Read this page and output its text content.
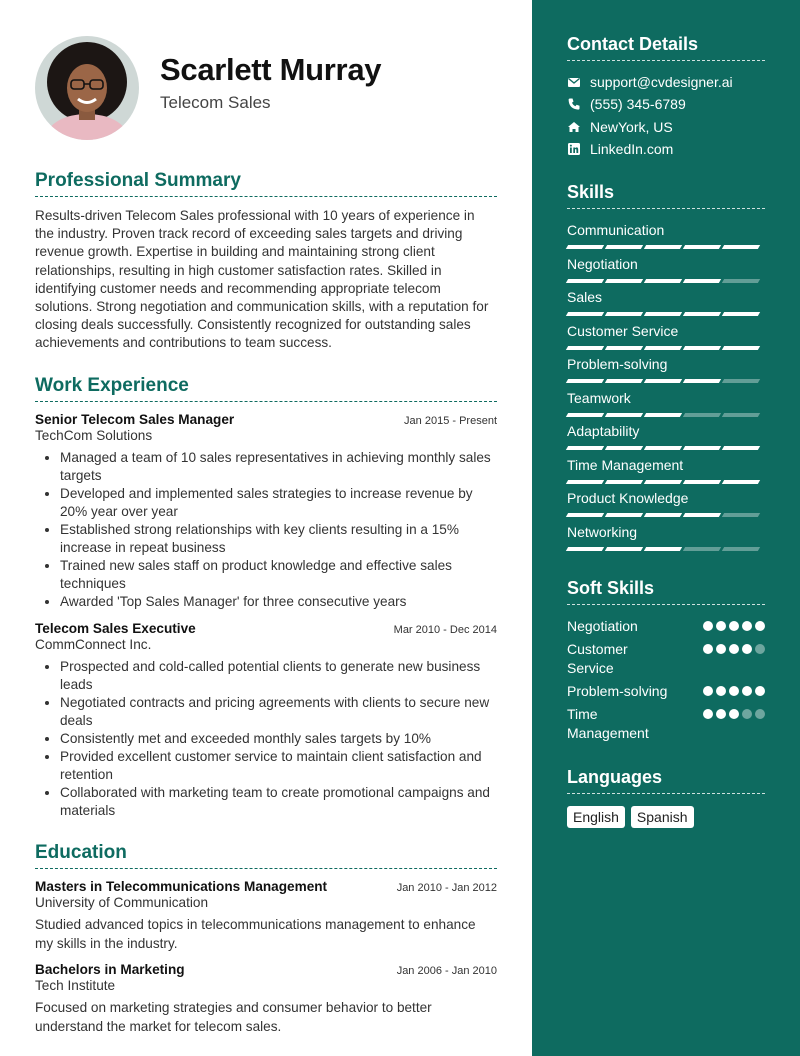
Scarlett Murray
Telecom Sales
Professional Summary

Results-driven Telecom Sales professional with 10 years of experience in the industry. Proven track record of exceeding sales targets and driving revenue growth. Expertise in building and maintaining strong client relationships, resulting in high customer satisfaction rates. Skilled in identifying customer needs and recommending appropriate telecom solutions. Strong negotiation and communication skills, with a reputation for closing deals successfully. Consistently recognized for outstanding sales achievements and contributions to team success.

Work Experience
Senior Telecom Sales Manager	Jan 2015 - Present
TechCom Solutions
• Managed a team of 10 sales representatives in achieving monthly sales targets
• Developed and implemented sales strategies to increase revenue by 20% year over year
• Established strong relationships with key clients resulting in a 15% increase in repeat business
• Trained new sales staff on product knowledge and effective sales techniques
• Awarded 'Top Sales Manager' for three consecutive years
Telecom Sales Executive	Mar 2010 - Dec 2014
CommConnect Inc.
• Prospected and cold-called potential clients to generate new business leads
• Negotiated contracts and pricing agreements with clients to secure new deals
• Consistently met and exceeded monthly sales targets by 10%
• Provided excellent customer service to maintain client satisfaction and retention
• Collaborated with marketing team to create promotional campaigns and materials
Education
Masters in Telecommunications Management	Jan 2010 - Jan 2012
University of Communication

Studied advanced topics in telecommunications management to enhance my skills in the industry.

Bachelors in Marketing	Jan 2006 - Jan 2010
Tech Institute

Focused on marketing strategies and consumer behavior to better understand the market for telecom sales.

Contact Details
support@cvdesigner.ai
(555) 345-6789
NewYork, US
LinkedIn.com
Skills
Communication
Negotiation
Sales
Customer Service
Problem-solving
Teamwork
Adaptability
Time Management
Product Knowledge
Networking
Soft Skills
Negotiation
Customer Service
Problem-solving
Time Management
Languages
English	Spanish
